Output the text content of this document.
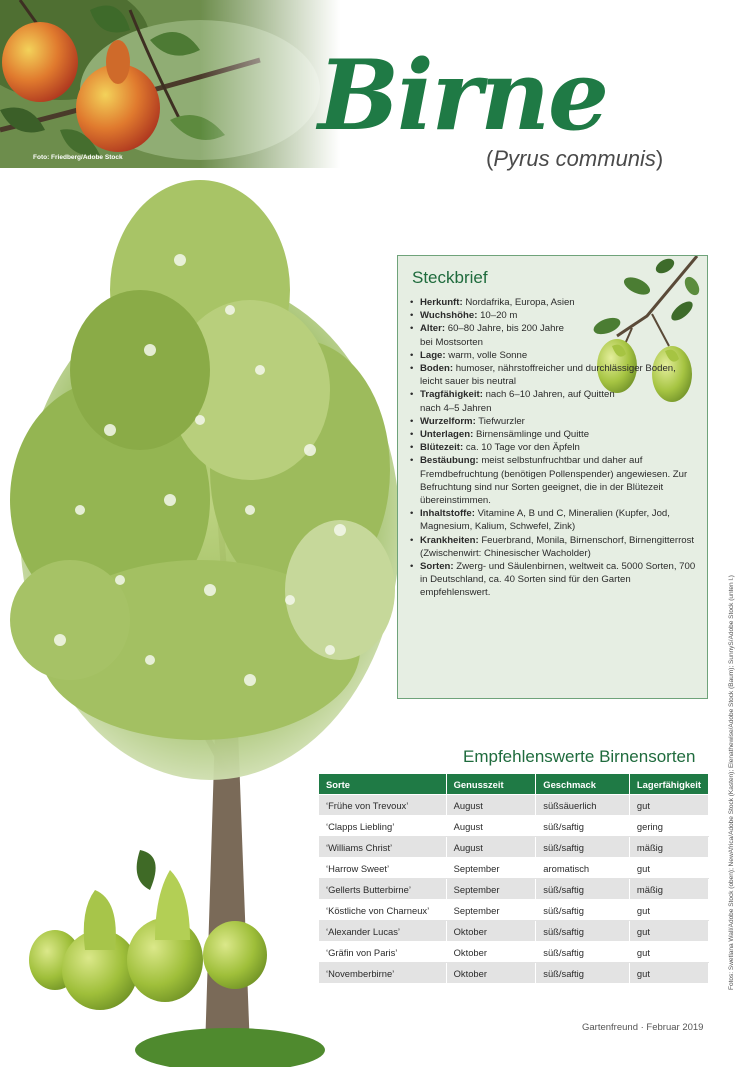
Foto: Friedberg/Adobe Stock
Birne
(Pyrus communis)
Steckbrief
• Herkunft: Nordafrika, Europa, Asien
• Wuchshöhe: 10–20 m
• Alter: 60–80 Jahre, bis 200 Jahre bei Mostsorten
• Lage: warm, volle Sonne
• Boden: humoser, nährstoffreicher und durchlässiger Boden, leicht sauer bis neutral
• Tragfähigkeit: nach 6–10 Jahren, auf Quitten nach 4–5 Jahren
• Wurzelform: Tiefwurzler
• Unterlagen: Birnensämlinge und Quitte
• Blütezeit: ca. 10 Tage vor den Äpfeln
• Bestäubung: meist selbstunfruchtbar und daher auf Fremdbefruchtung (benötigen Pollenspender) angewiesen. Zur Befruchtung sind nur Sorten geeignet, die in der Blütezeit übereinstimmen.
• Inhaltstoffe: Vitamine A, B und C, Mineralien (Kupfer, Jod, Magnesium, Kalium, Schwefel, Zink)
• Krankheiten: Feuerbrand, Monila, Birnenschorf, Birnengitterrost (Zwischenwirt: Chinesischer Wacholder)
• Sorten: Zwerg- und Säulenbirnen, weltweit ca. 5000 Sorten, 700 in Deutschland, ca. 40 Sorten sind für den Garten empfehlenswert.
Empfehlenswerte Birnensorten
Sorte	Genusszeit	Geschmack	Lagerfähigkeit
‘Frühe von Trevoux’	August	süßsäuerlich	gut
‘Clapps Liebling’	August	süß/saftig	gering
‘Williams Christ’	August	süß/saftig	mäßig
‘Harrow Sweet’	September	aromatisch	gut
‘Gellerts Butterbirne’	September	süß/saftig	mäßig
‘Köstliche von Charneux’	September	süß/saftig	gut
‘Alexander Lucas’	Oktober	süß/saftig	gut
‘Gräfin von Paris’	Oktober	süß/saftig	gut
‘Novemberbirne’	Oktober	süß/saftig	gut	Fotos: Swetlana Wall/Adobe Stock (oben); NewAfrica/Adobe Stock (Kasten); Elenathewise/Adobe Stock (Baum); SunnyS/Adobe Stock (unten l.)
Gartenfreund · Februar 2019
